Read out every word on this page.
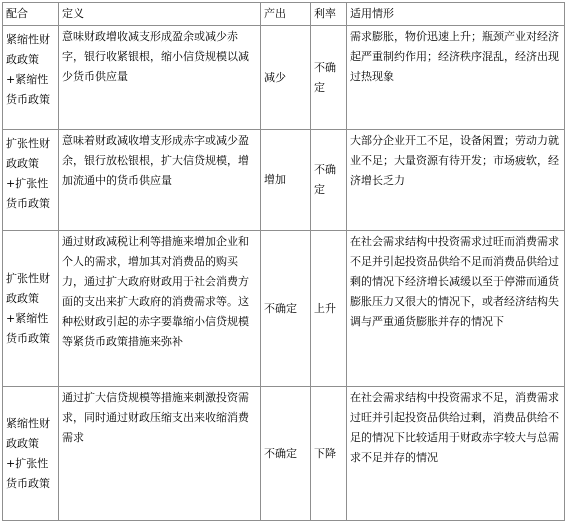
配合	定义	产出	利率	适用情形
紧缩性财政政策+紧缩性货币政策	意味财政增收减支形成盈余或减少赤字，银行收紧银根，缩小信贷规模以减少货币供应量	减少	不确定	需求膨胀，物价迅速上升；瓶颈产业对经济起严重制约作用；经济秩序混乱，经济出现过热现象
扩张性财政政策+扩张性货币政策	意味着财政减收增支形成赤字或减少盈余，银行放松银根，扩大信贷规模，增加流通中的货币供应量	增加	不确定	大部分企业开工不足，设备闲置；劳动力就业不足；大量资源有待开发；市场疲软，经济增长乏力
扩张性财政政策+紧缩性货币政策	通过财政减税让利等措施来增加企业和个人的需求，增加其对消费品的购买力，通过扩大政府财政用于社会消费方面的支出来扩大政府的消费需求等。这种松财政引起的赤字要靠缩小信贷规模等紧货币政策措施来弥补	不确定	上升	在社会需求结构中投资需求过旺而消费需求不足并引起投资品供给不足而消费品供给过剩的情况下经济增长减缓以至于停滞而通货膨胀压力又很大的情况下，或者经济结构失调与严重通货膨胀并存的情况下
紧缩性财政政策+扩张性货币政策	通过扩大信贷规模等措施来刺激投资需求，同时通过财政压缩支出来收缩消费需求	不确定	下降	在社会需求结构中投资需求不足，消费需求过旺并引起投资品供给过剩，消费品供给不足的情况下比较适用于财政赤字较大与总需求不足并存的情况
